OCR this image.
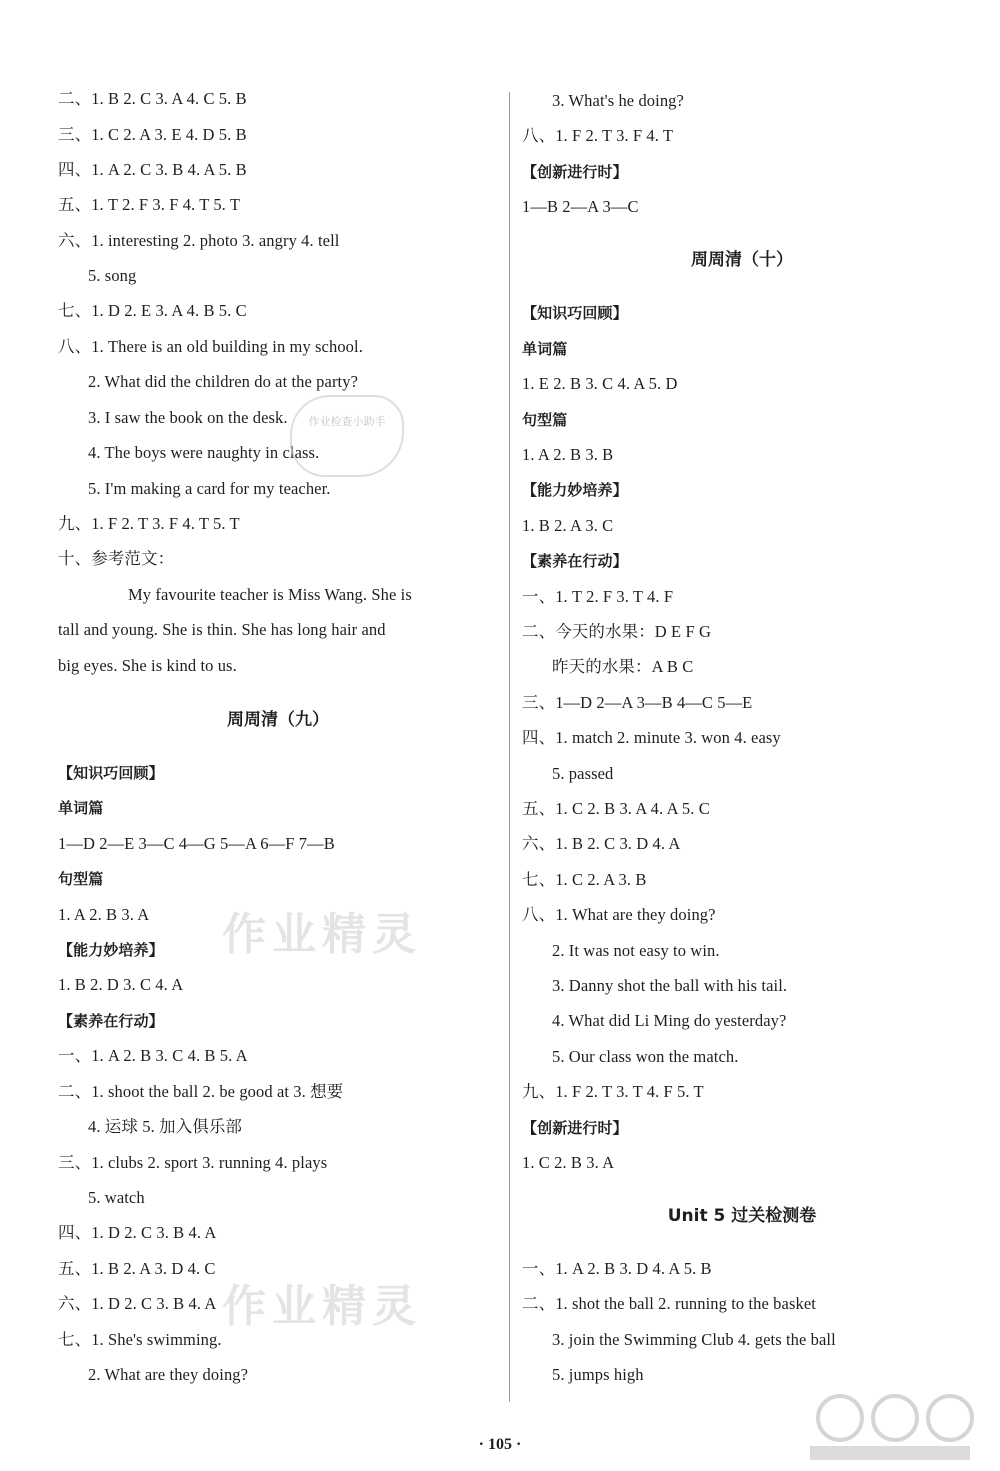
二、1. B 2. C 3. A 4. C 5. B
三、1. C 2. A 3. E 4. D 5. B
四、1. A 2. C 3. B 4. A 5. B
五、1. T 2. F 3. F 4. T 5. T
六、1. interesting 2. photo 3. angry 4. tell
5. song
七、1. D 2. E 3. A 4. B 5. C
八、1. There is an old building in my school.
2. What did the children do at the party?
3. I saw the book on the desk.
4. The boys were naughty in class.
5. I'm making a card for my teacher.
九、1. F 2. T 3. F 4. T 5. T
十、参考范文：
My favourite teacher is Miss Wang. She is
tall and young. She is thin. She has long hair and
big eyes. She is kind to us.
周周清（九）
【知识巧回顾】
单词篇
1—D 2—E 3—C 4—G 5—A 6—F 7—B
句型篇
1. A 2. B 3. A
【能力妙培养】
1. B 2. D 3. C 4. A
【素养在行动】
一、1. A 2. B 3. C 4. B 5. A
二、1. shoot the ball 2. be good at 3. 想要
4. 运球 5. 加入俱乐部
三、1. clubs 2. sport 3. running 4. plays
5. watch
四、1. D 2. C 3. B 4. A
五、1. B 2. A 3. D 4. C
六、1. D 2. C 3. B 4. A
七、1. She's swimming.
2. What are they doing?
3. What's he doing?
八、1. F 2. T 3. F 4. T
【创新进行时】
1—B 2—A 3—C
周周清（十）
【知识巧回顾】
单词篇
1. E 2. B 3. C 4. A 5. D
句型篇
1. A 2. B 3. B
【能力妙培养】
1. B 2. A 3. C
【素养在行动】
一、1. T 2. F 3. T 4. F
二、今天的水果：D E F G
昨天的水果：A B C
三、1—D 2—A 3—B 4—C 5—E
四、1. match 2. minute 3. won 4. easy
5. passed
五、1. C 2. B 3. A 4. A 5. C
六、1. B 2. C 3. D 4. A
七、1. C 2. A 3. B
八、1. What are they doing?
2. It was not easy to win.
3. Danny shot the ball with his tail.
4. What did Li Ming do yesterday?
5. Our class won the match.
九、1. F 2. T 3. T 4. F 5. T
【创新进行时】
1. C 2. B 3. A
Unit 5 过关检测卷
一、1. A 2. B 3. D 4. A 5. B
二、1. shot the ball 2. running to the basket
3. join the Swimming Club 4. gets the ball
5. jumps high
作业检查小助手
作业精灵
作业精灵
· 105 ·
